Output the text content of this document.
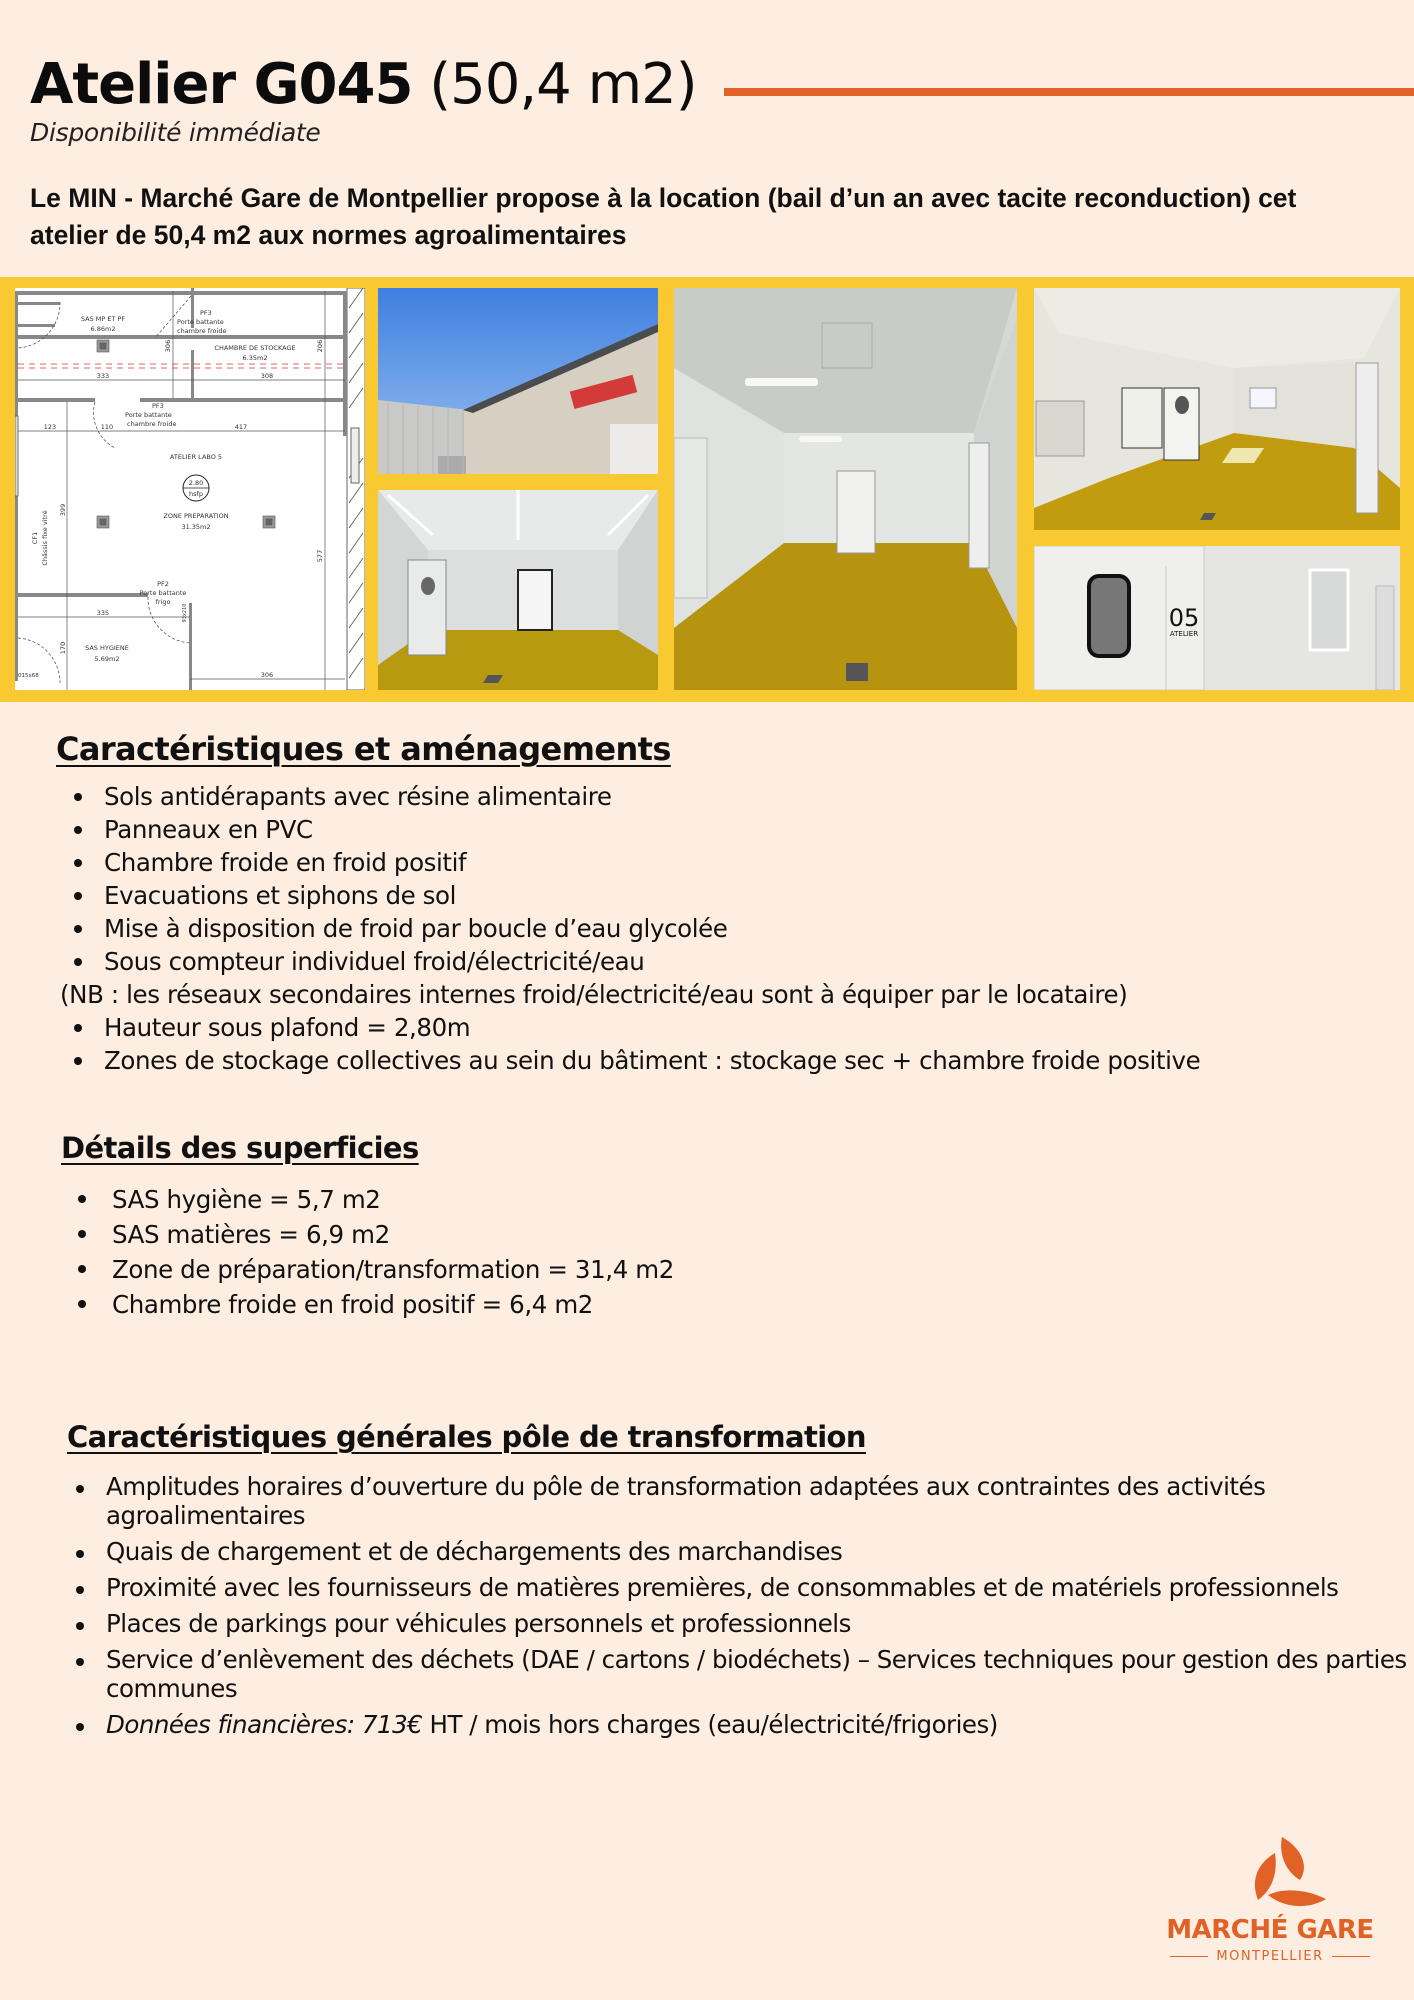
Atelier G045 (50,4 m2)
Disponibilité immédiate
Le MIN - Marché Gare de Montpellier propose à la location (bail d’un an avec tacite reconduction) cet atelier de 50,4 m2 aux normes agroalimentaires
2.80
hsfp
SAS MP ET PF
6.86m2
CHAMBRE DE STOCKAGE
6.35m2
ATELIER LABO 5
ZONE PREPARATION
31.35m2
SAS HYGIENE
5.69m2
PF3
Porte battante
chambre froide
PF3
Porte battante
chambre froide
PF2
Porte battante
frigo
CF1 Châssis fixe vitré
333	308
206
306
123	110	417
399
577
335
170
306
93x210
015x68
05
ATELIER
Caractéristiques et aménagements
Sols antidérapants avec résine alimentaire
Panneaux en PVC
Chambre froide en froid positif
Evacuations et siphons de sol
Mise à disposition de froid par boucle d’eau glycolée
Sous compteur individuel froid/électricité/eau
(NB : les réseaux secondaires internes froid/électricité/eau sont à équiper par le locataire)
Hauteur sous plafond = 2,80m
Zones de stockage collectives au sein du bâtiment : stockage sec + chambre froide positive
Détails des superficies
SAS hygiène = 5,7 m2
SAS matières = 6,9 m2
Zone de préparation/transformation = 31,4 m2
Chambre froide en froid positif = 6,4 m2
Caractéristiques générales pôle de transformation
Amplitudes horaires d’ouverture du pôle de transformation adaptées aux contraintes des activités agroalimentaires
Quais de chargement et de déchargements des marchandises
Proximité avec les fournisseurs de matières premières, de consommables et de matériels professionnels
Places de parkings pour véhicules personnels et professionnels
Service d’enlèvement des déchets (DAE / cartons / biodéchets) – Services techniques pour gestion des parties communes
Données financières: 713€ HT / mois hors charges (eau/électricité/frigories)
MARCHÉ GARE
MONTPELLIER
